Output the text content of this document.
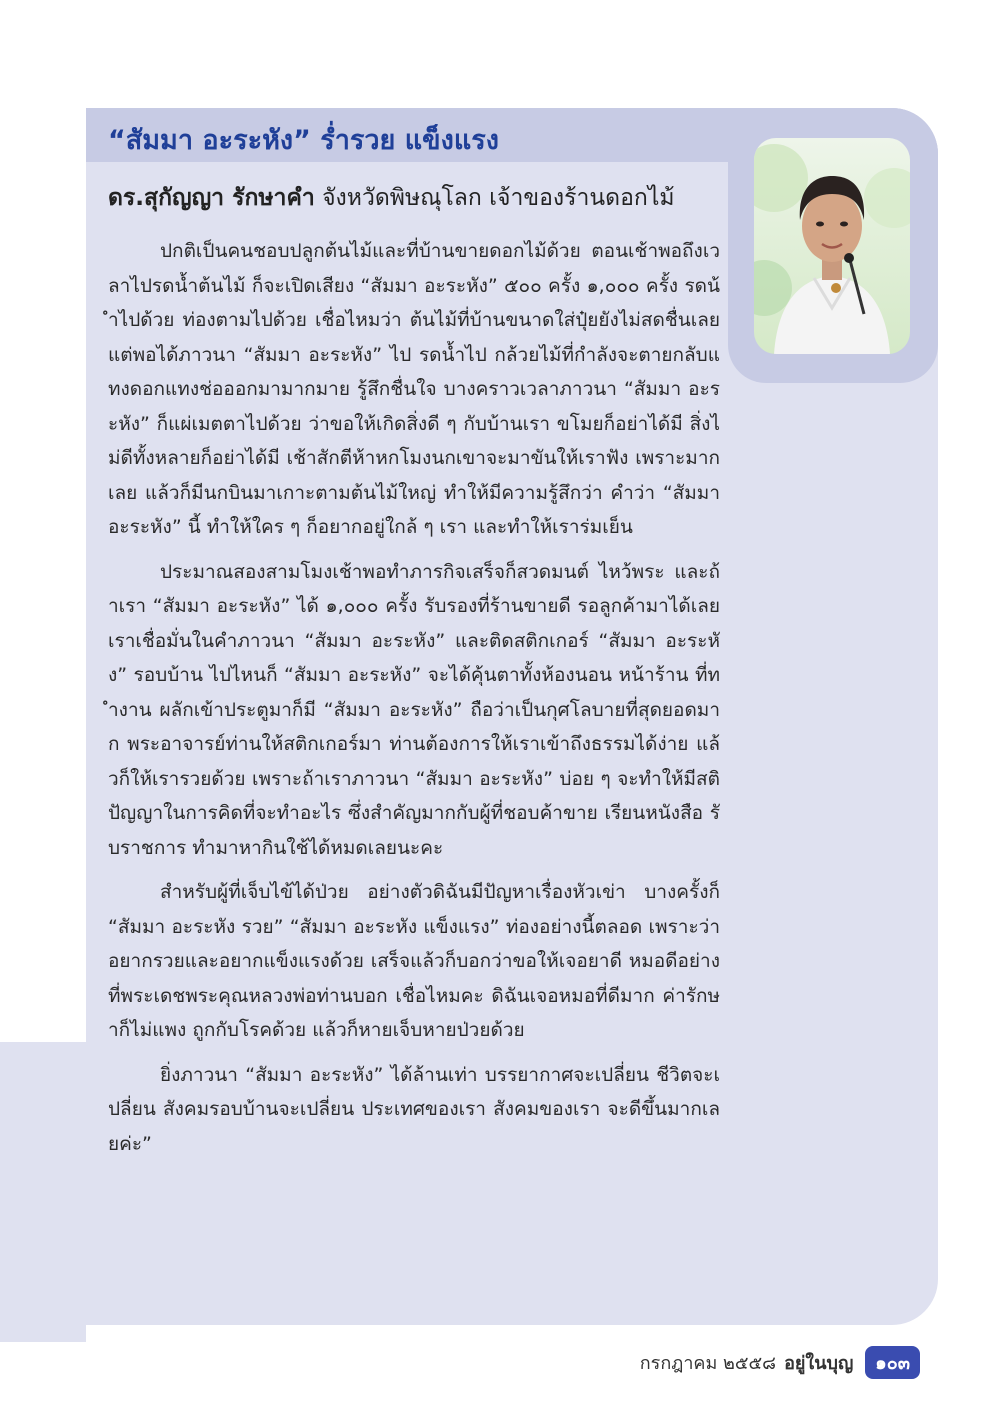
“สัมมา อะระหัง” ร่ำรวย แข็งแรง
ดร.สุกัญญา รักษาคำ จังหวัดพิษณุโลก เจ้าของร้านดอกไม้

ปกติเป็นคนชอบปลูกต้นไม้และที่บ้านขายดอกไม้ด้วย ตอนเช้าพอถึงเวลาไปรดน้ำต้นไม้ ก็จะเปิดเสียง “สัมมา อะระหัง” ๕๐๐ ครั้ง ๑,๐๐๐ ครั้ง รดน้ำไปด้วย ท่องตามไปด้วย เชื่อไหมว่า ต้นไม้ที่บ้านขนาดใส่ปุ๋ยยังไม่สดชื่นเลย แต่พอได้ภาวนา “สัมมา อะระหัง” ไป รดน้ำไป กล้วยไม้ที่กำลังจะตายกลับแทงดอกแทงช่อออกมามากมาย รู้สึกชื่นใจ บางคราวเวลาภาวนา “สัมมา อะระหัง” ก็แผ่เมตตาไปด้วย ว่าขอให้เกิดสิ่งดี ๆ กับบ้านเรา ขโมยก็อย่าได้มี สิ่งไม่ดีทั้งหลายก็อย่าได้มี เช้าสักตีห้าหกโมงนกเขาจะมาขันให้เราฟัง เพราะมากเลย แล้วก็มีนกบินมาเกาะตามต้นไม้ใหญ่ ทำให้มีความรู้สึกว่า คำว่า “สัมมา อะระหัง” นี้ ทำให้ใคร ๆ ก็อยากอยู่ใกล้ ๆ เรา และทำให้เราร่มเย็น

ประมาณสองสามโมงเช้าพอทำภารกิจเสร็จก็สวดมนต์ ไหว้พระ และถ้าเรา “สัมมา อะระหัง” ได้ ๑,๐๐๐ ครั้ง รับรองที่ร้านขายดี รอลูกค้ามาได้เลย เราเชื่อมั่นในคำภาวนา “สัมมา อะระหัง” และติดสติกเกอร์ “สัมมา อะระหัง” รอบบ้าน ไปไหนก็ “สัมมา อะระหัง” จะได้คุ้นตาทั้งห้องนอน หน้าร้าน ที่ทำงาน ผลักเข้าประตูมาก็มี “สัมมา อะระหัง” ถือว่าเป็นกุศโลบายที่สุดยอดมาก พระอาจารย์ท่านให้สติกเกอร์มา ท่านต้องการให้เราเข้าถึงธรรมได้ง่าย แล้วก็ให้เรารวยด้วย เพราะถ้าเราภาวนา “สัมมา อะระหัง” บ่อย ๆ จะทำให้มีสติปัญญาในการคิดที่จะทำอะไร ซึ่งสำคัญมากกับผู้ที่ชอบค้าขาย เรียนหนังสือ รับราชการ ทำมาหากินใช้ได้หมดเลยนะคะ

สำหรับผู้ที่เจ็บไข้ได้ป่วย อย่างตัวดิฉันมีปัญหาเรื่องหัวเข่า บางครั้งก็ “สัมมา อะระหัง รวย” “สัมมา อะระหัง แข็งแรง” ท่องอย่างนี้ตลอด เพราะว่าอยากรวยและอยากแข็งแรงด้วย เสร็จแล้วก็บอกว่าขอให้เจอยาดี หมอดีอย่างที่พระเดชพระคุณหลวงพ่อท่านบอก เชื่อไหมคะ ดิฉันเจอหมอที่ดีมาก ค่ารักษาก็ไม่แพง ถูกกับโรคด้วย แล้วก็หายเจ็บหายป่วยด้วย

ยิ่งภาวนา “สัมมา อะระหัง” ได้ล้านเท่า บรรยากาศจะเปลี่ยน ชีวิตจะเปลี่ยน สังคมรอบบ้านจะเปลี่ยน ประเทศของเรา สังคมของเรา จะดีขึ้นมากเลยค่ะ”

กรกฎาคม ๒๕๕๘ อยู่ในบุญ	๑๐๓
